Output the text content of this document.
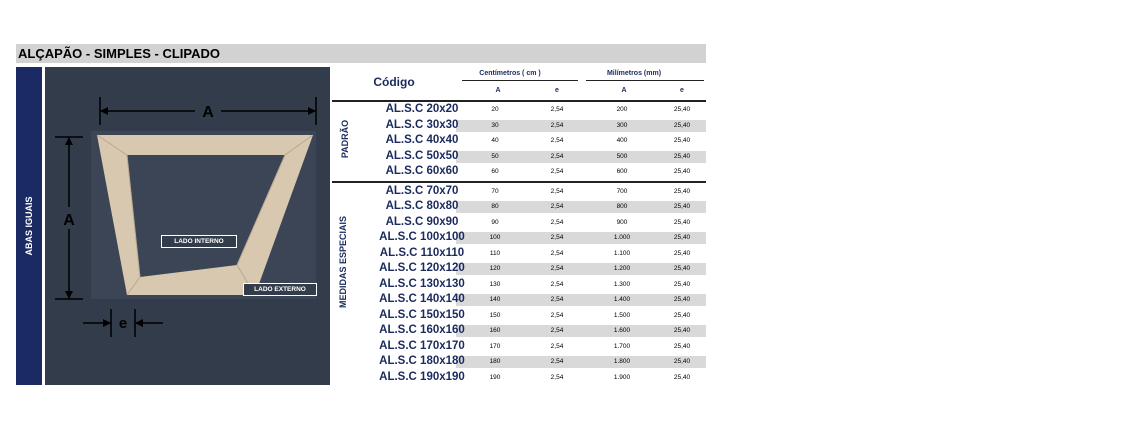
ALÇAPÃO - SIMPLES - CLIPADO
ABAS IGUAIS
A
A
e
LADO INTERNO
LADO EXTERNO
Código
Centímetros ( cm )	Milímetros (mm)
A	e	A	e
PADRÃO
MEDIDAS ESPECIAIS
AL.S.C 20x20	20	2,54	200	25,40
AL.S.C 30x30	30	2,54	300	25,40
AL.S.C 40x40	40	2,54	400	25,40
AL.S.C 50x50	50	2,54	500	25,40
AL.S.C 60x60	60	2,54	600	25,40
AL.S.C 70x70	70	2,54	700	25,40
AL.S.C 80x80	80	2,54	800	25,40
AL.S.C 90x90	90	2,54	900	25,40
AL.S.C 100x100	100	2,54	1.000	25,40
AL.S.C 110x110	110	2,54	1.100	25,40
AL.S.C 120x120	120	2,54	1.200	25,40
AL.S.C 130x130	130	2,54	1.300	25,40
AL.S.C 140x140	140	2,54	1.400	25,40
AL.S.C 150x150	150	2,54	1.500	25,40
AL.S.C 160x160	160	2,54	1.600	25,40
AL.S.C 170x170	170	2,54	1.700	25,40
AL.S.C 180x180	180	2,54	1.800	25,40
AL.S.C 190x190	190	2,54	1.900	25,40
